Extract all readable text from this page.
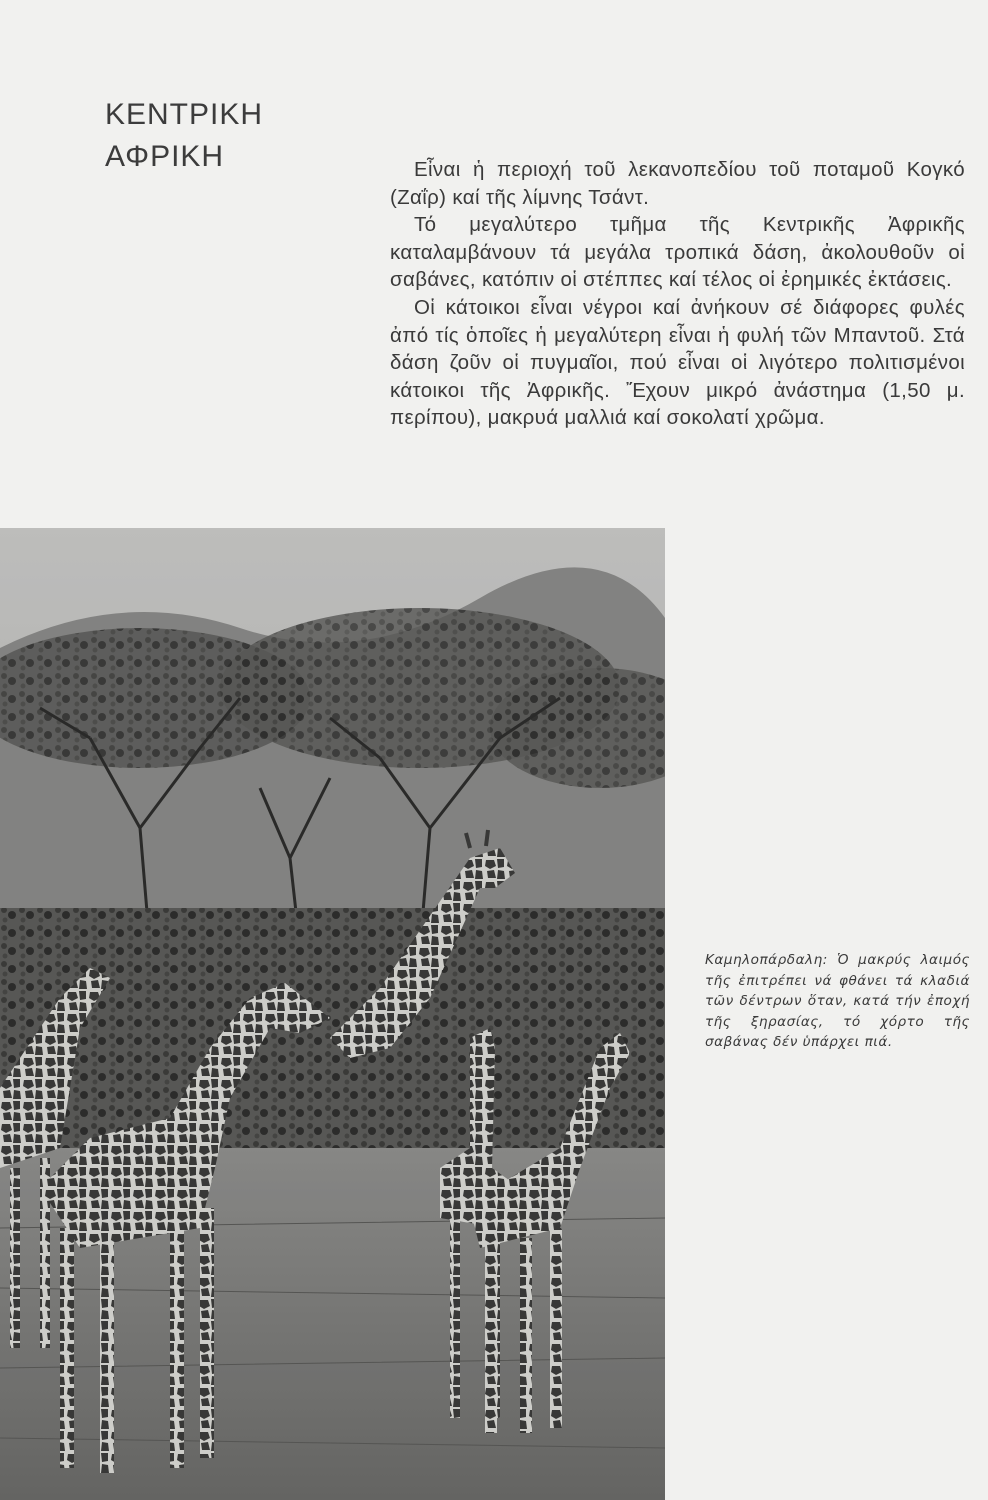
ΚΕΝΤΡΙΚΗ
ΑΦΡΙΚΗ	Εἶναι ἡ περιοχή τοῦ λεκανοπεδίου τοῦ ποταμοῦ Κογκό (Ζαΐρ) καί τῆς λίμνης Τσάντ.

Τό μεγαλύτερο τμῆμα τῆς Κεντρικῆς Ἀφρικῆς καταλαμβάνουν τά μεγάλα τροπικά δάση, ἀκολουθοῦν οἱ σαβάνες, κατόπιν οἱ στέππες καί τέλος οἱ ἐρημικές ἐκτάσεις.

Οἱ κάτοικοι εἶναι νέγροι καί ἀνήκουν σέ διάφορες φυλές ἀπό τίς ὁποῖες ἡ μεγαλύτερη εἶναι ἡ φυλή τῶν Μπαντοῦ. Στά δάση ζοῦν οἱ πυγμαῖοι, πού εἶναι οἱ λιγότερο πολιτισμένοι κάτοικοι τῆς Ἀφρικῆς. Ἔχουν μικρό ἀνάστημα (1,50 μ. περίπου), μακρυά μαλλιά καί σοκολατί χρῶμα.

Καμηλοπάρδαλη: Ὁ μακρύς λαιμός τῆς ἐπιτρέπει νά φθάνει τά κλαδιά τῶν δέντρων ὅταν, κατά τήν ἐποχή τῆς ξηρασίας, τό χόρτο τῆς σαβάνας δέν ὑπάρχει πιά.
